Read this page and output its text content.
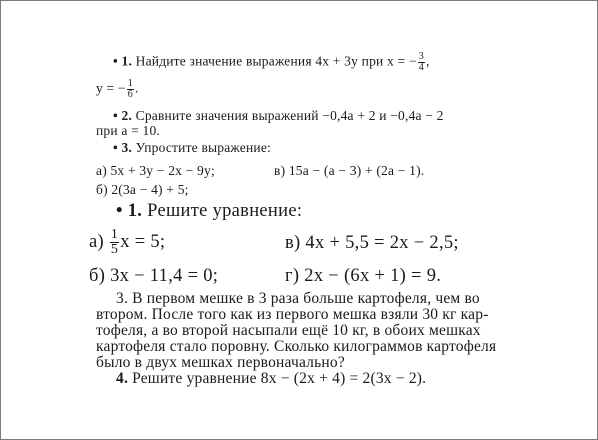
• 1. Найдите значение выражения 4x + 3y при x = − $\frac{3}{4}$ ,
y = − $\frac{1}{6}$ .
• 2. Сравните значения выражений −0,4a + 2 и −0,4a − 2
при a = 10.
• 3. Упростите выражение:
а) 5x + 3y − 2x − 9y;	в) 15a − (a − 3) + (2a − 1).
б) 2(3a − 4) + 5;
• 1. Решите уравнение:
$а) \frac{1}{5}$ x = 5;	в) 4x + 5,5 = 2x − 2,5;
б) 3x − 11,4 = 0;	г) 2x − (6x + 1) = 9.
3. В первом мешке в 3 раза больше картофеля, чем во
втором. После того как из первого мешка взяли 30 кг кар-
тофеля, а во второй насыпали ещё 10 кг, в обоих мешках
картофеля стало поровну. Сколько килограммов картофеля
было в двух мешках первоначально?
4. Решите уравнение 8x − (2x + 4) = 2(3x − 2).
